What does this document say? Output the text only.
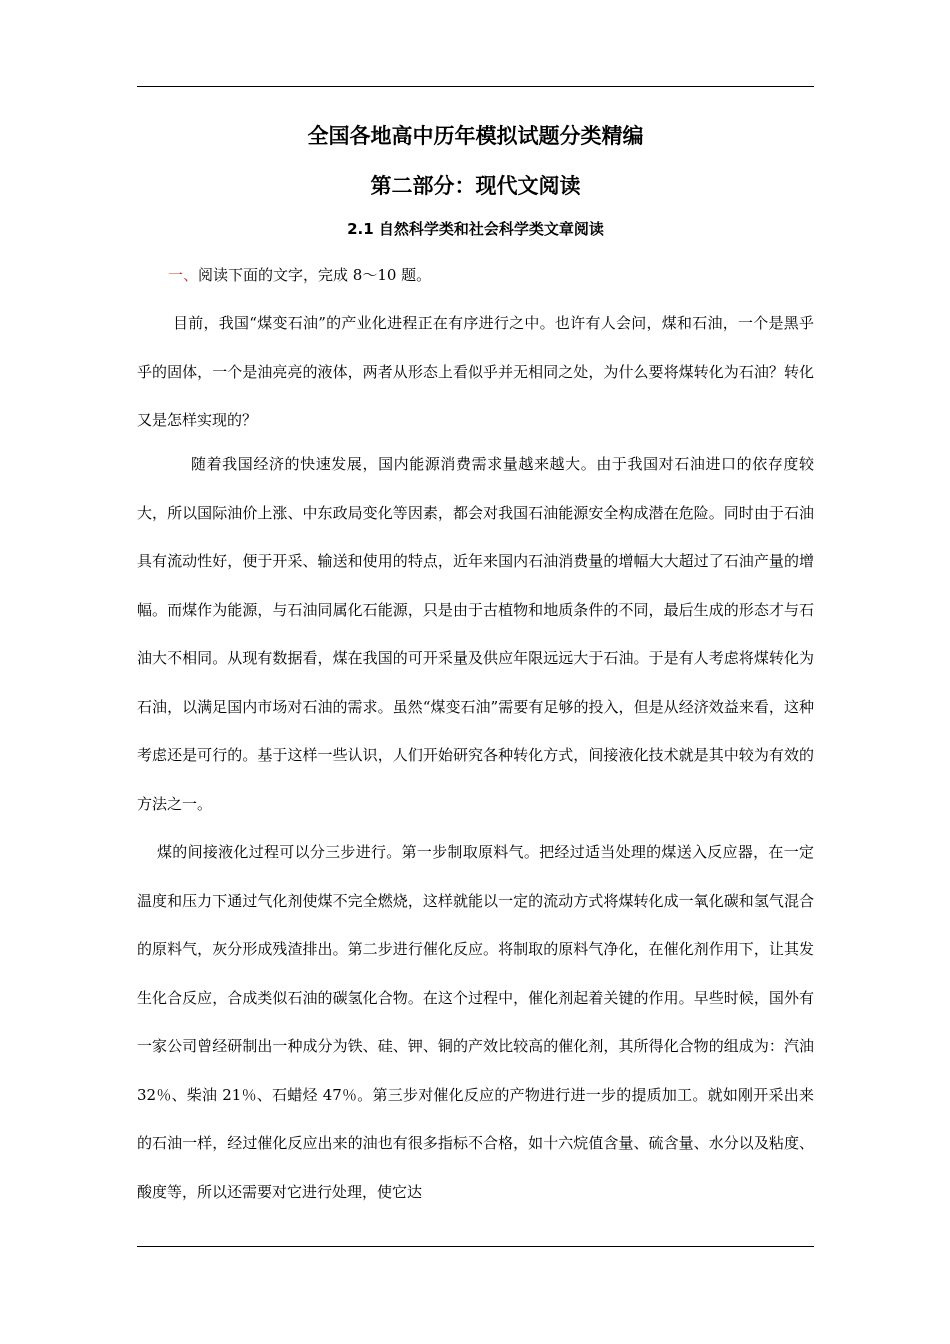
全国各地高中历年模拟试题分类精编
第二部分：现代文阅读
2.1 自然科学类和社会科学类文章阅读
一、阅读下面的文字，完成 8～10 题。

目前，我国“煤变石油”的产业化进程正在有序进行之中。也许有人会问，煤和石油，一个是黑乎乎的固体，一个是油亮亮的液体，两者从形态上看似乎并无相同之处，为什么要将煤转化为石油？转化又是怎样实现的？

随着我国经济的快速发展，国内能源消费需求量越来越大。由于我国对石油进口的依存度较大，所以国际油价上涨、中东政局变化等因素，都会对我国石油能源安全构成潜在危险。同时由于石油具有流动性好，便于开采、输送和使用的特点，近年来国内石油消费量的增幅大大超过了石油产量的增幅。而煤作为能源，与石油同属化石能源，只是由于古植物和地质条件的不同，最后生成的形态才与石油大不相同。从现有数据看，煤在我国的可开采量及供应年限远远大于石油。于是有人考虑将煤转化为石油，以满足国内市场对石油的需求。虽然“煤变石油”需要有足够的投入，但是从经济效益来看，这种考虑还是可行的。基于这样一些认识，人们开始研究各种转化方式，间接液化技术就是其中较为有效的方法之一。

煤的间接液化过程可以分三步进行。第一步制取原料气。把经过适当处理的煤送入反应器，在一定温度和压力下通过气化剂使煤不完全燃烧，这样就能以一定的流动方式将煤转化成一氧化碳和氢气混合的原料气，灰分形成残渣排出。第二步进行催化反应。将制取的原料气净化，在催化剂作用下，让其发生化合反应，合成类似石油的碳氢化合物。在这个过程中，催化剂起着关键的作用。早些时候，国外有一家公司曾经研制出一种成分为铁、硅、钾、铜的产效比较高的催化剂，其所得化合物的组成为：汽油 32％、柴油 21％、石蜡烃 47％。第三步对催化反应的产物进行进一步的提质加工。就如刚开采出来的石油一样，经过催化反应出来的油也有很多指标不合格，如十六烷值含量、硫含量、水分以及粘度、酸度等，所以还需要对它进行处理，使它达
